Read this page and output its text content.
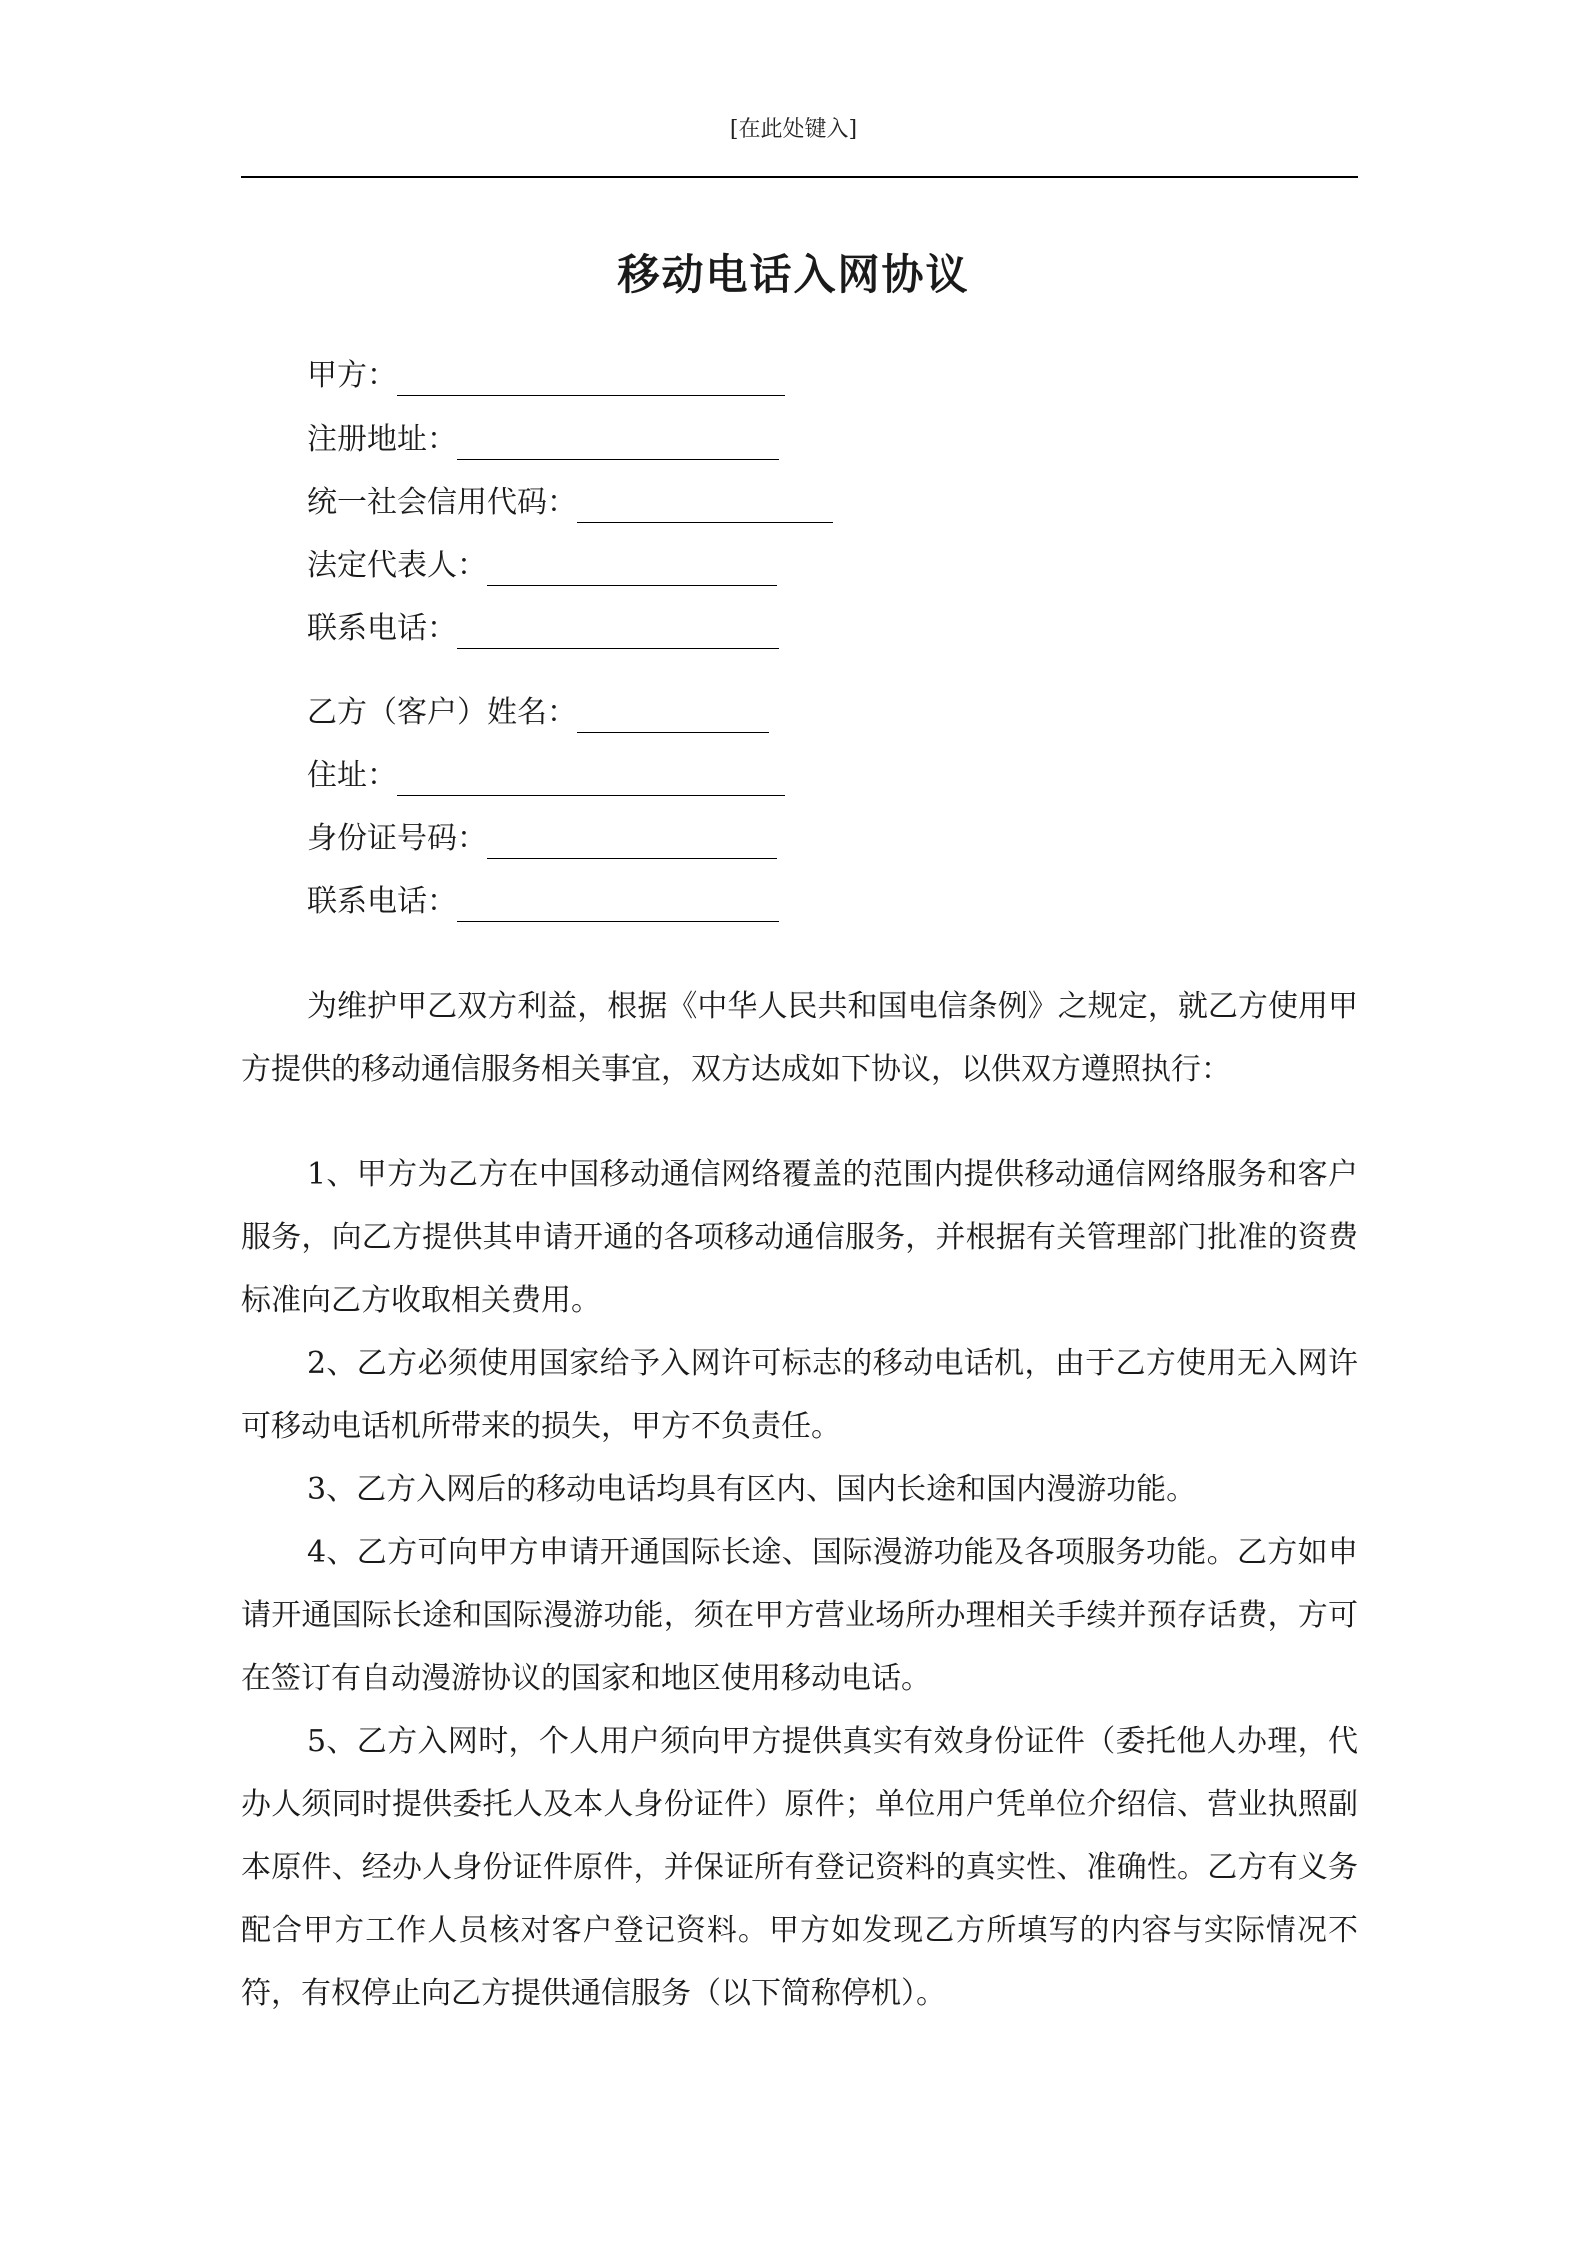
[在此处键入]
移动电话入网协议
甲方：
注册地址：
统一社会信用代码：
法定代表人：
联系电话：
乙方（客户）姓名：
住址：
身份证号码：
联系电话：

为维护甲乙双方利益，根据《中华人民共和国电信条例》之规定，就乙方使用甲方提供的移动通信服务相关事宜，双方达成如下协议，以供双方遵照执行：

1、甲方为乙方在中国移动通信网络覆盖的范围内提供移动通信网络服务和客户服务，向乙方提供其申请开通的各项移动通信服务，并根据有关管理部门批准的资费标准向乙方收取相关费用。

2、乙方必须使用国家给予入网许可标志的移动电话机，由于乙方使用无入网许可移动电话机所带来的损失，甲方不负责任。

3、乙方入网后的移动电话均具有区内、国内长途和国内漫游功能。

4、乙方可向甲方申请开通国际长途、国际漫游功能及各项服务功能。乙方如申请开通国际长途和国际漫游功能，须在甲方营业场所办理相关手续并预存话费，方可在签订有自动漫游协议的国家和地区使用移动电话。

5、乙方入网时，个人用户须向甲方提供真实有效身份证件（委托他人办理，代办人须同时提供委托人及本人身份证件）原件；单位用户凭单位介绍信、营业执照副本原件、经办人身份证件原件，并保证所有登记资料的真实性、准确性。乙方有义务配合甲方工作人员核对客户登记资料。甲方如发现乙方所填写的内容与实际情况不符，有权停止向乙方提供通信服务（以下简称停机）。
